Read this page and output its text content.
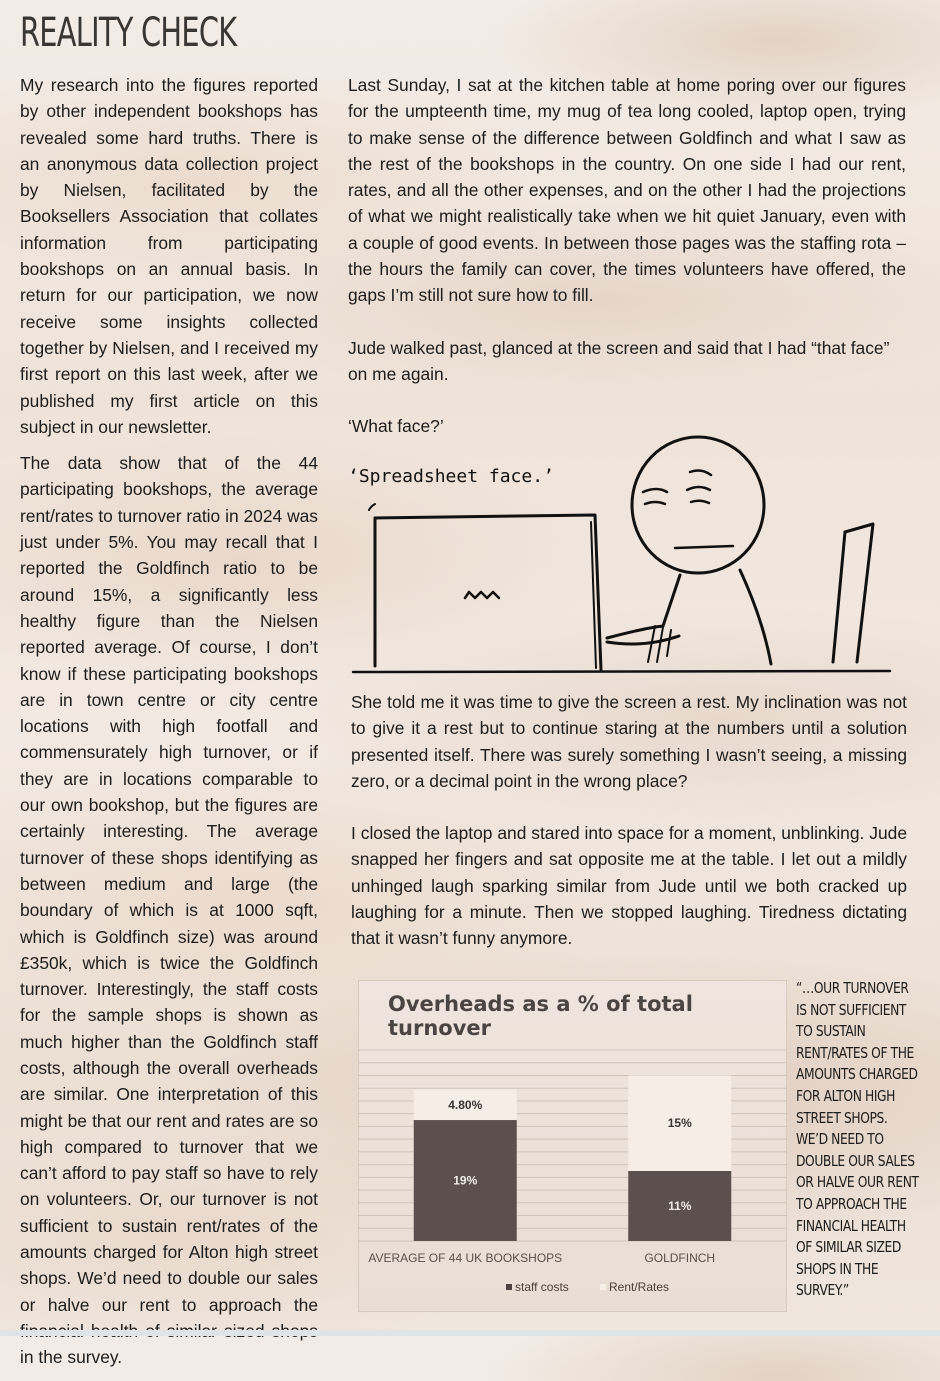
REALITY CHECK

My research into the figures reported by other independent bookshops has revealed some hard truths. There is an anonymous data collection project by Nielsen, facilitated by the Booksellers Association that collates information from participating bookshops on an annual basis. In return for our participation, we now receive some insights collected together by Nielsen, and I received my first report on this last week, after we published my first article on this subject in our newsletter.

The data show that of the 44 participating bookshops, the average rent/rates to turnover ratio in 2024 was just under 5%. You may recall that I reported the Goldfinch ratio to be around 15%, a significantly less healthy figure than the Nielsen reported average. Of course, I don’t know if these participating bookshops are in town centre or city centre locations with high footfall and commensurately high turnover, or if they are in locations comparable to our own bookshop, but the figures are certainly interesting. The average turnover of these shops identifying as between medium and large (the boundary of which is at 1000 sqft, which is Goldfinch size) was around £350k, which is twice the Goldfinch turnover. Interestingly, the staff costs for the sample shops is shown as much higher than the Goldfinch staff costs, although the overall overheads are similar. One interpretation of this might be that our rent and rates are so high compared to turnover that we can’t afford to pay staff so have to rely on volunteers. Or, our turnover is not sufficient to sustain rent/rates of the amounts charged for Alton high street shops. We’d need to double our sales or halve our rent to approach the in the survey.

Last Sunday, I sat at the kitchen table at home poring over our figures for the umpteenth time, my mug of tea long cooled, laptop open, trying to make sense of the difference between Goldfinch and what I saw as the rest of the bookshops in the country. On one side I had our rent, rates, and all the other expenses, and on the other I had the projections of what we might realistically take when we hit quiet January, even with a couple of good events. In between those pages was the staffing rota – the hours the family can cover, the times volunteers have offered, the gaps I’m still not sure how to fill.

Jude walked past, glanced at the screen and said that I had “that face” on me again.

‘What face?’

‘Spreadsheet face.’

She told me it was time to give the screen a rest. My inclination was not to give it a rest but to continue staring at the numbers until a solution presented itself. There was surely something I wasn’t seeing, a missing zero, or a decimal point in the wrong place?

I closed the laptop and stared into space for a moment, unblinking. Jude snapped her fingers and sat opposite me at the table. I let out a mildly unhinged laugh sparking similar from Jude until we both cracked up laughing for a minute. Then we stopped laughing. Tiredness dictating that it wasn’t funny anymore.

Overheads as a % of total turnover
19%
4.80%
AVERAGE OF 44 UK BOOKSHOPS
11%
15%
GOLDFINCH
staff costs	Rent/Rates
“…OUR TURNOVER IS NOT SUFFICIENT TO SUSTAIN RENT/RATES OF THE AMOUNTS CHARGED FOR ALTON HIGH STREET SHOPS. WE’D NEED TO DOUBLE OUR SALES OR HALVE OUR RENT TO APPROACH THE FINANCIAL HEALTH OF SIMILAR SIZED SHOPS IN THE SURVEY.”
